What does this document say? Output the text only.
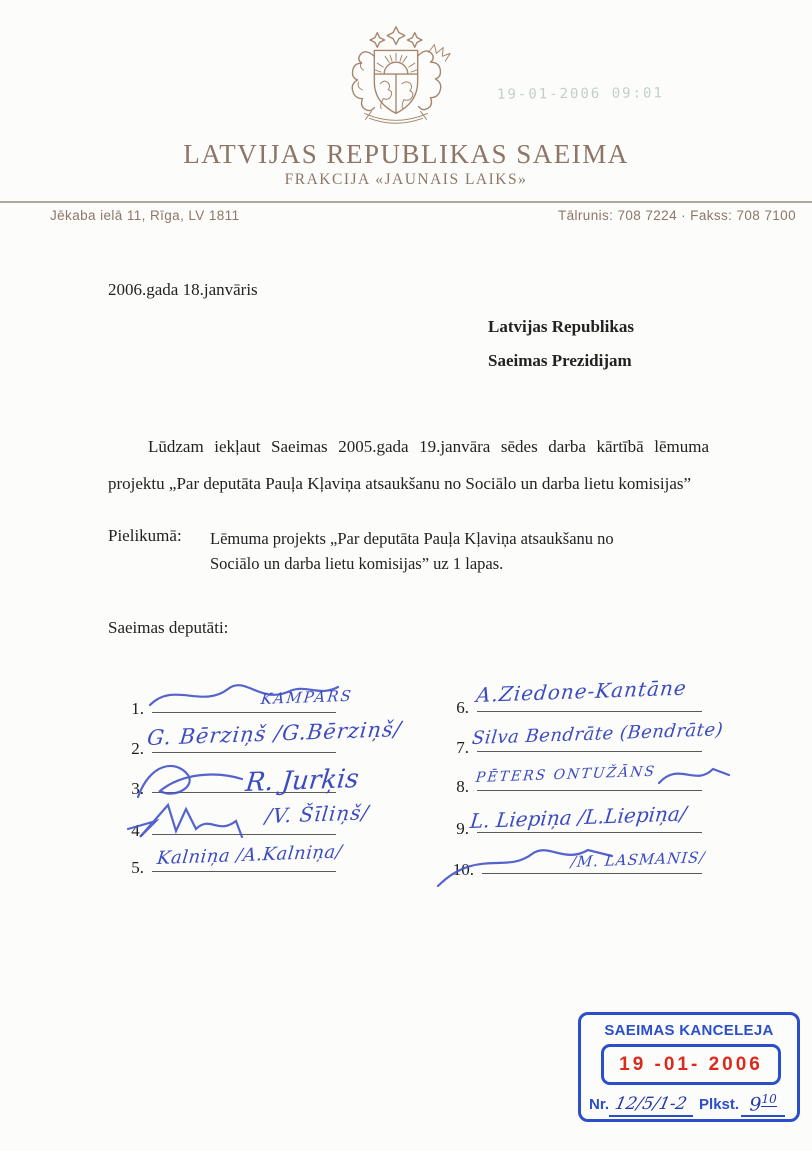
19-01-2006 09:01
LATVIJAS REPUBLIKAS SAEIMA
FRAKCIJA «JAUNAIS LAIKS»
Jēkaba ielā 11, Rīga, LV 1811	Tālrunis: 708 7224 · Fakss: 708 7100
2006.gada 18.janvāris
Latvijas Republikas
Saeimas Prezidijam
Lūdzam iekļaut Saeimas 2005.gada 19.janvāra sēdes darba kārtībā lēmuma projektu „Par deputāta Pauļa Kļaviņa atsaukšanu no Sociālo un darba lietu komisijas”
Pielikumā: Lēmuma projekts „Par deputāta Pauļa Kļaviņa atsaukšanu no Sociālo un darba lietu komisijas” uz 1 lapas.
Saeimas deputāti:
1.
KAMPARS
2. G. Bērziņš /G.Bērziņš/
3.	R. Jurķis
4.
/V. Šīliņš/
5. Kalniņa /A.Kalniņa/
6.
A.Ziedone-Kantāne
7. Silva Bendrāte (Bendrāte)
8.
PĒTERS ONTUŽĀNS
9. L. Liepiņa /L.Liepiņa/
10.	/M. LASMANIS/
SAEIMAS KANCELEJA
19 -01- 2006
Nr. 12/5/1-2 Plkst. $9^{10}$
